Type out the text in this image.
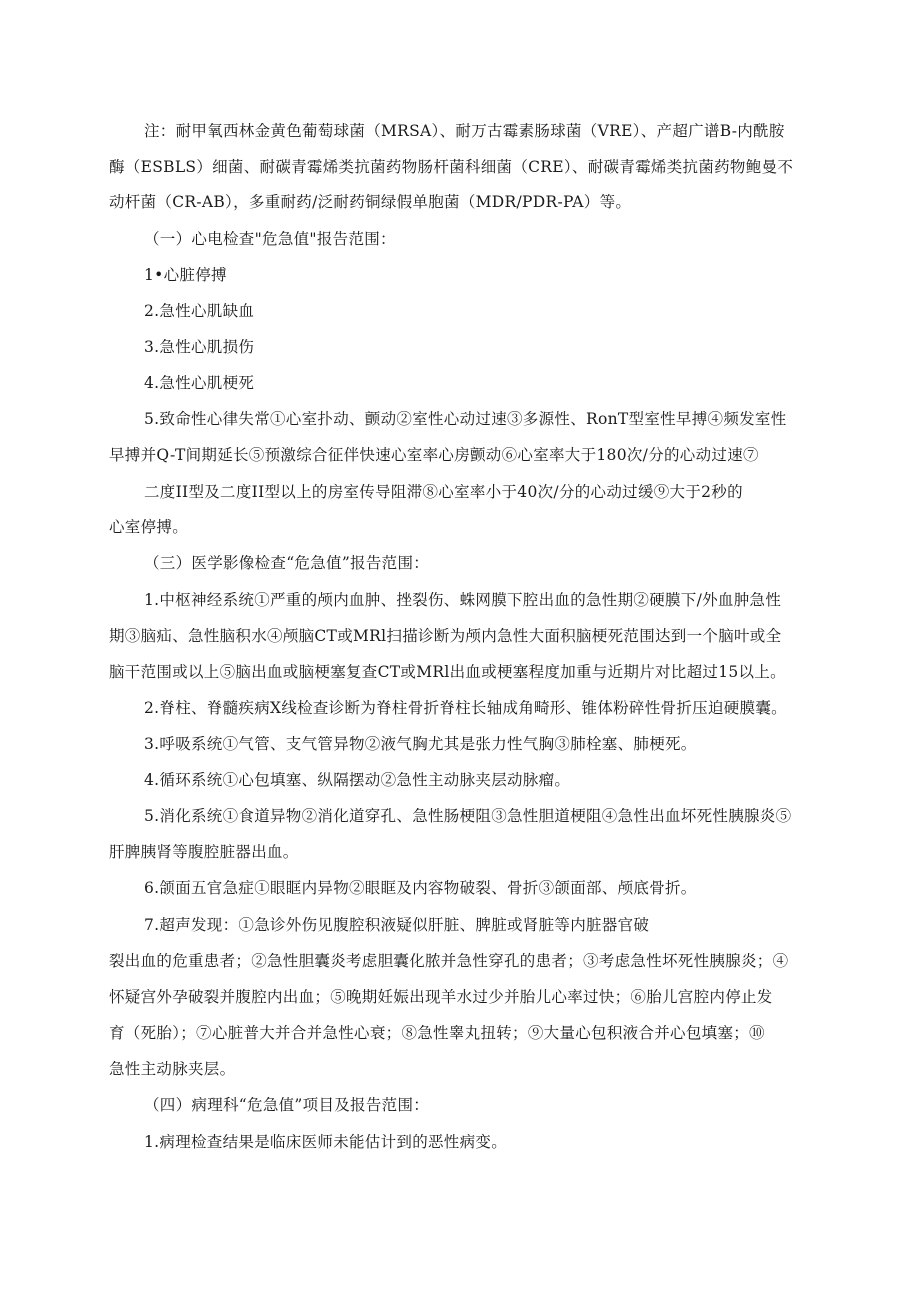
注：耐甲氧西林金黄色葡萄球菌（MRSA）、耐万古霉素肠球菌（VRE）、产超广谱B-内酰胺
酶（ESBLS）细菌、耐碳青霉烯类抗菌药物肠杆菌科细菌（CRE）、耐碳青霉烯类抗菌药物鲍曼不
动杆菌（CR-AB），多重耐药/泛耐药铜绿假单胞菌（MDR/PDR-PA）等。
（一）心电检查"危急值"报告范围：
1•心脏停搏
2.急性心肌缺血
3.急性心肌损伤
4.急性心肌梗死
5.致命性心律失常①心室扑动、颤动②室性心动过速③多源性、RonT型室性早搏④频发室性
早搏并Q-T间期延长⑤预激综合征伴快速心室率心房颤动⑥心室率大于180次/分的心动过速⑦
二度II型及二度II型以上的房室传导阻滞⑧心室率小于40次/分的心动过缓⑨大于2秒的
心室停搏。
（三）医学影像检查“危急值”报告范围：
1.中枢神经系统①严重的颅内血肿、挫裂伤、蛛网膜下腔出血的急性期②硬膜下/外血肿急性
期③脑疝、急性脑积水④颅脑CT或MRl扫描诊断为颅内急性大面积脑梗死范围达到一个脑叶或全
脑干范围或以上⑤脑出血或脑梗塞复查CT或MRl出血或梗塞程度加重与近期片对比超过15以上。
2.脊柱、脊髓疾病X线检查诊断为脊柱骨折脊柱长轴成角畸形、锥体粉碎性骨折压迫硬膜囊。
3.呼吸系统①气管、支气管异物②液气胸尤其是张力性气胸③肺栓塞、肺梗死。
4.循环系统①心包填塞、纵隔摆动②急性主动脉夹层动脉瘤。
5.消化系统①食道异物②消化道穿孔、急性肠梗阻③急性胆道梗阻④急性出血坏死性胰腺炎⑤
肝脾胰肾等腹腔脏器出血。
6.颌面五官急症①眼眶内异物②眼眶及内容物破裂、骨折③颌面部、颅底骨折。
7.超声发现：①急诊外伤见腹腔积液疑似肝脏、脾脏或肾脏等内脏器官破
裂出血的危重患者；②急性胆囊炎考虑胆囊化脓并急性穿孔的患者；③考虑急性坏死性胰腺炎；④
怀疑宫外孕破裂并腹腔内出血；⑤晚期妊娠出现羊水过少并胎儿心率过快；⑥胎儿宫腔内停止发
育（死胎）；⑦心脏普大并合并急性心衰；⑧急性睾丸扭转；⑨大量心包积液合并心包填塞；⑩
急性主动脉夹层。
（四）病理科“危急值”项目及报告范围：
1.病理检查结果是临床医师未能估计到的恶性病变。
